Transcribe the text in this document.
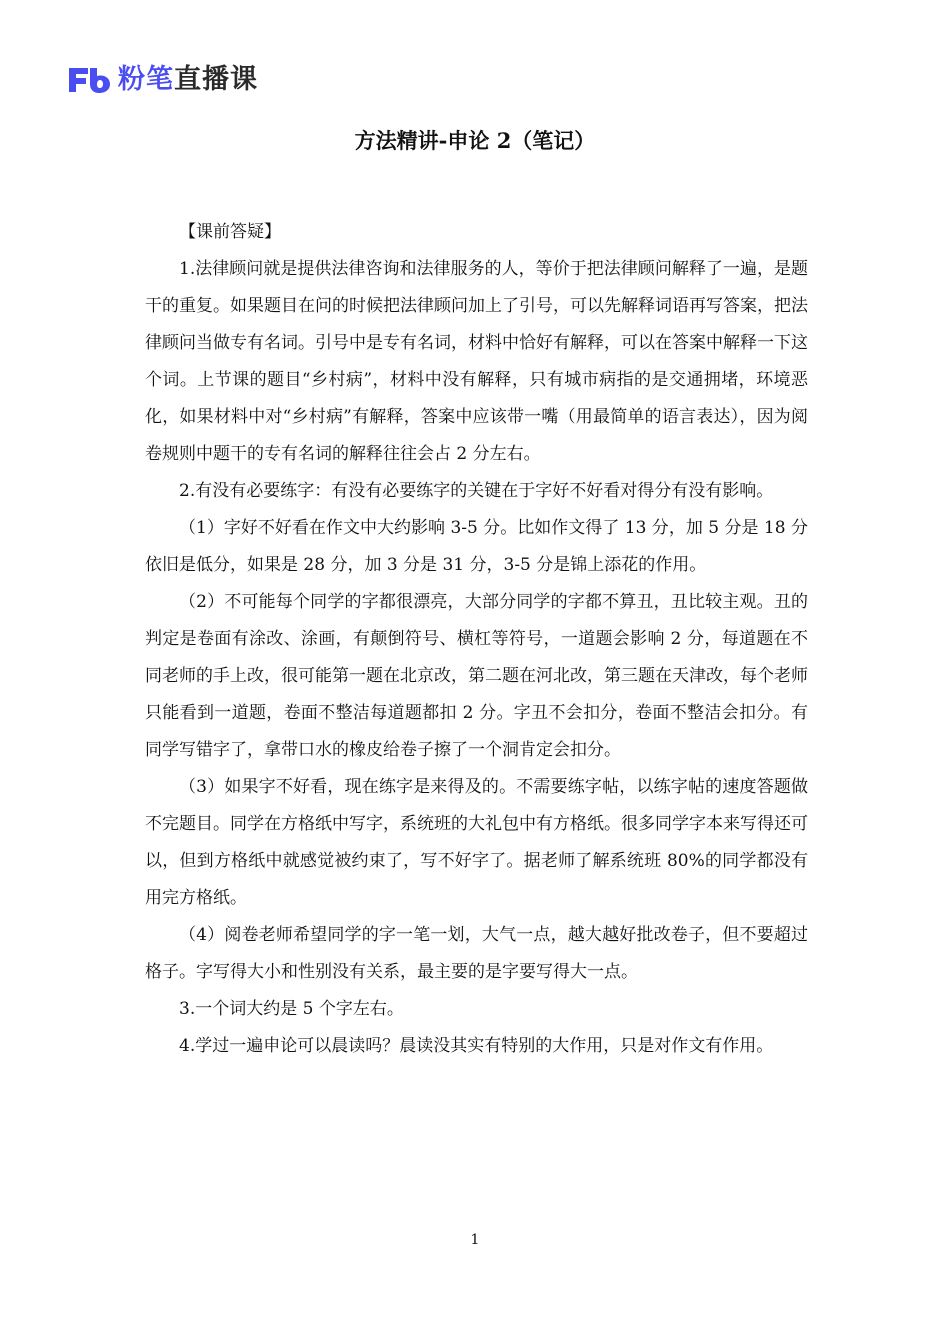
粉笔直播课
方法精讲-申论 2（笔记）

【课前答疑】

1.法律顾问就是提供法律咨询和法律服务的人，等价于把法律顾问解释了一遍，是题干的重复。如果题目在问的时候把法律顾问加上了引号，可以先解释词语再写答案，把法律顾问当做专有名词。引号中是专有名词，材料中恰好有解释，可以在答案中解释一下这个词。上节课的题目“乡村病”，材料中没有解释，只有城市病指的是交通拥堵，环境恶化，如果材料中对“乡村病”有解释，答案中应该带一嘴（用最简单的语言表达），因为阅卷规则中题干的专有名词的解释往往会占 2 分左右。

2.有没有必要练字：有没有必要练字的关键在于字好不好看对得分有没有影响。

（1）字好不好看在作文中大约影响 3-5 分。比如作文得了 13 分，加 5 分是 18 分依旧是低分，如果是 28 分，加 3 分是 31 分，3-5 分是锦上添花的作用。

（2）不可能每个同学的字都很漂亮，大部分同学的字都不算丑，丑比较主观。丑的判定是卷面有涂改、涂画，有颠倒符号、横杠等符号，一道题会影响 2 分，每道题在不同老师的手上改，很可能第一题在北京改，第二题在河北改，第三题在天津改，每个老师只能看到一道题，卷面不整洁每道题都扣 2 分。字丑不会扣分，卷面不整洁会扣分。有同学写错字了，拿带口水的橡皮给卷子擦了一个洞肯定会扣分。

（3）如果字不好看，现在练字是来得及的。不需要练字帖，以练字帖的速度答题做不完题目。同学在方格纸中写字，系统班的大礼包中有方格纸。很多同学字本来写得还可以，但到方格纸中就感觉被约束了，写不好字了。据老师了解系统班 80%的同学都没有用完方格纸。

（4）阅卷老师希望同学的字一笔一划，大气一点，越大越好批改卷子，但不要超过格子。字写得大小和性别没有关系，最主要的是字要写得大一点。

3.一个词大约是 5 个字左右。

4.学过一遍申论可以晨读吗？晨读没其实有特别的大作用，只是对作文有作用。

1
